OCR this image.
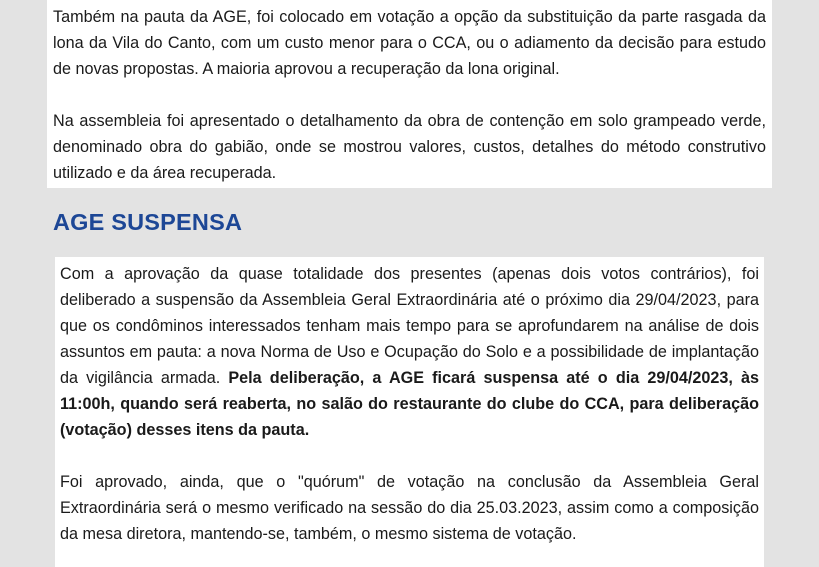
Também na pauta da AGE, foi colocado em votação a opção da substituição da parte rasgada da lona da Vila do Canto, com um custo menor para o CCA, ou o adiamento da decisão para estudo de novas propostas. A maioria aprovou a recuperação da lona original.

Na assembleia foi apresentado o detalhamento da obra de contenção em solo grampeado verde, denominado obra do gabião, onde se mostrou valores, custos, detalhes do método construtivo utilizado e da área recuperada.

AGE SUSPENSA

Com a aprovação da quase totalidade dos presentes (apenas dois votos contrários), foi deliberado a suspensão da Assembleia Geral Extraordinária até o próximo dia 29/04/2023, para que os condôminos interessados tenham mais tempo para se aprofundarem na análise de dois assuntos em pauta: a nova Norma de Uso e Ocupação do Solo e a possibilidade de implantação da vigilância armada. Pela deliberação, a AGE ficará suspensa até o dia 29/04/2023, às 11:00h, quando será reaberta, no salão do restaurante do clube do CCA, para deliberação (votação) desses itens da pauta.

Foi aprovado, ainda, que o "quórum" de votação na conclusão da Assembleia Geral Extraordinária será o mesmo verificado na sessão do dia 25.03.2023, assim como a composição da mesa diretora, mantendo-se, também, o mesmo sistema de votação.
